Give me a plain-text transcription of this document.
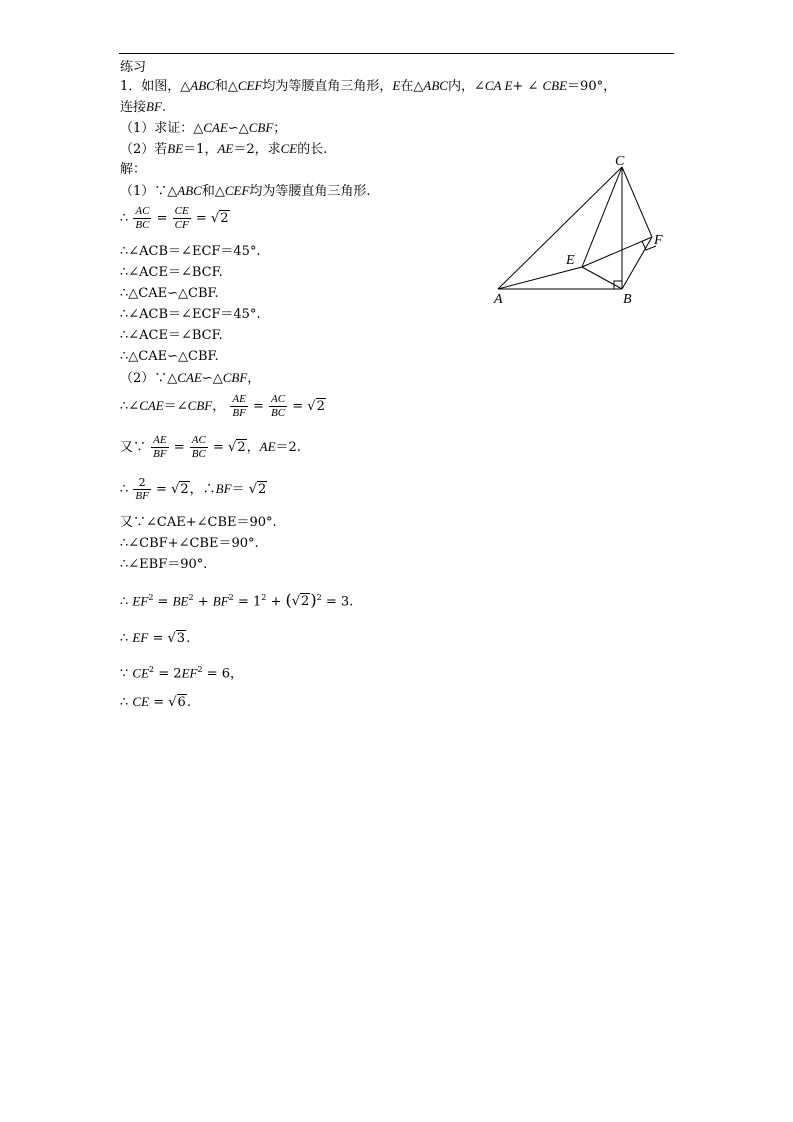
练习
1．如图，△ABC和△CEF均为等腰直角三角形，E在△ABC内，∠CA E+ ∠ CBE＝90°，
连接BF.
（1）求证：△CAE∽△CBF；
（2）若BE＝1，AE＝2，求CE的长.
解：
（1）∵△ABC和△CEF均为等腰直角三角形.
∴ $\frac{AC}{BC} = \frac{CE}{CF} = √2$
∴∠ACB＝∠ECF＝45°.
∴∠ACE＝∠BCF.
∴△CAE∽△CBF.
∴∠ACB＝∠ECF＝45°.
∴∠ACE＝∠BCF.
∴△CAE∽△CBF.
（2）∵△CAE∽△CBF，
∴∠CAE＝∠CBF， $\frac{AE}{BF} = \frac{AC}{BC} = √2$
又∵ $\frac{AE}{BF} = \frac{AC}{BC} = √2$，AE＝2.
∴ $\frac{2}{BF} = √2$，∴BF＝ √2
又∵∠CAE+∠CBE＝90°.
∴∠CBF+∠CBE＝90°.
∴∠EBF＝90°.
∴ $EF^2 = BE^2 + BF^2 = 1^2 + (√2)^2 = 3$.
∴ EF = √3.
∵ $CE^2 = 2EF^2 = 6$，
∴ CE = √6.
A	B
C
E
F
